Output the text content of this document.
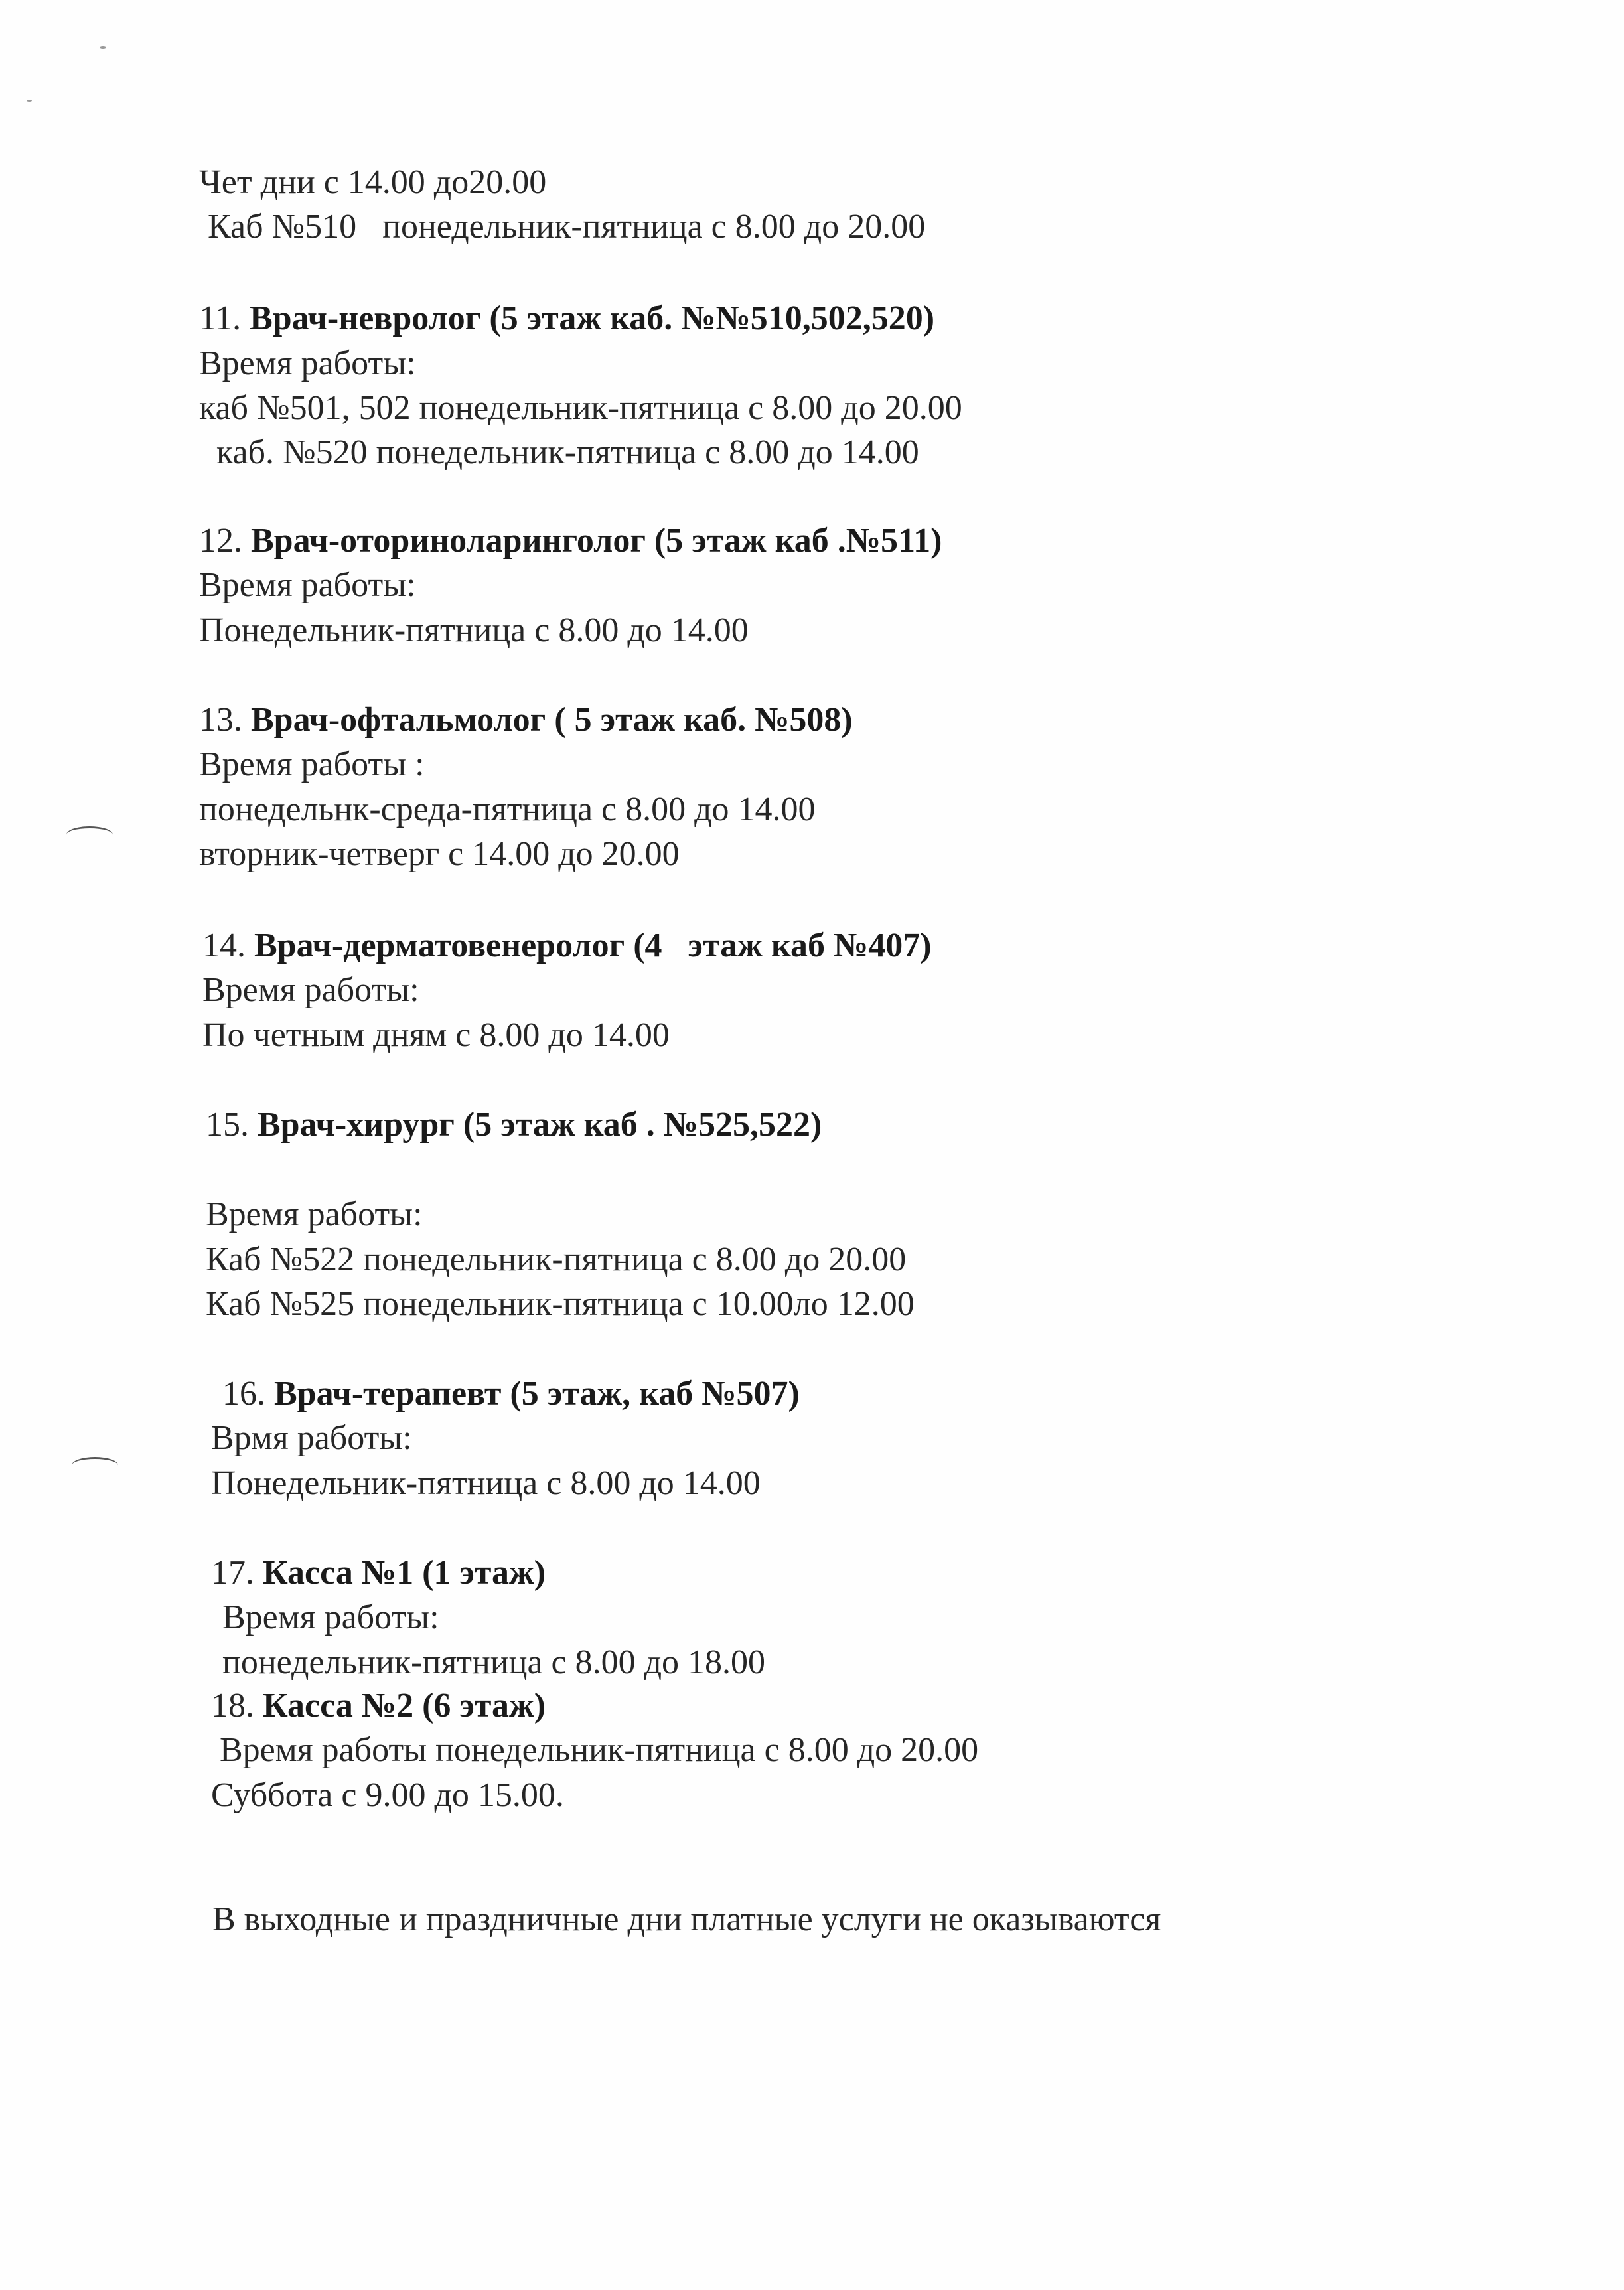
Чет дни с 14.00 до20.00

Каб №510   понедельник-пятница с 8.00 до 20.00

11. Врач-невролог (5 этаж каб. №№510,502,520)

Время работы:

каб №501, 502 понедельник-пятница с 8.00 до 20.00

каб. №520 понедельник-пятница с 8.00 до 14.00

12. Врач-оториноларинголог (5 этаж каб .№511)

Время работы:

Понедельник-пятница с 8.00 до 14.00

13. Врач-офтальмолог ( 5 этаж каб. №508)

Время работы :

понедельнк-среда-пятница с 8.00 до 14.00

вторник-четверг с 14.00 до 20.00

14. Врач-дерматовенеролог (4   этаж каб №407)

Время работы:

По четным дням с 8.00 до 14.00

15. Врач-хирург (5 этаж каб . №525,522)

Время работы:

Каб №522 понедельник-пятница с 8.00 до 20.00

Каб №525 понедельник-пятница с 10.00ло 12.00

16. Врач-терапевт (5 этаж, каб №507)

Врмя работы:

Понедельник-пятница с 8.00 до 14.00

17. Касса №1 (1 этаж)

Время работы:

понедельник-пятница с 8.00 до 18.00

18. Касса №2 (6 этаж)

Время работы понедельник-пятница с 8.00 до 20.00

Суббота с 9.00 до 15.00.

В выходные и праздничные дни платные услуги не оказываются
